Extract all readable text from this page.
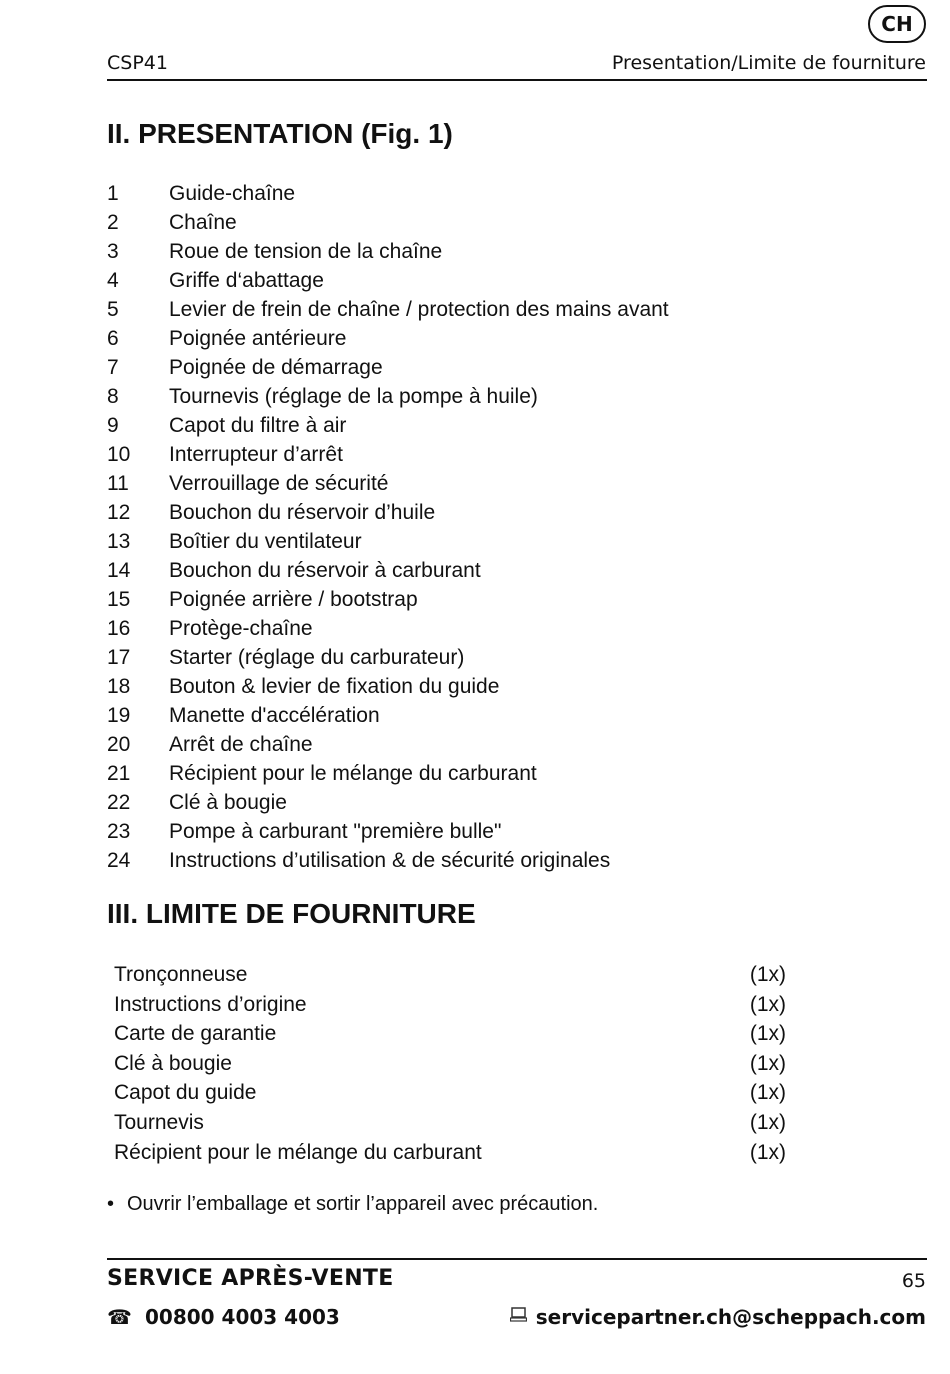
CH
CSP41	Presentation/Limite de fourniture
II. PRESENTATION (Fig. 1)
1	Guide-chaîne
2	Chaîne
3	Roue de tension de la chaîne
4	Griffe d‘abattage
5	Levier de frein de chaîne / protection des mains avant
6	Poignée antérieure
7	Poignée de démarrage
8	Tournevis (réglage de la pompe à huile)
9	Capot du filtre à air
10	Interrupteur d’arrêt
11	Verrouillage de sécurité
12	Bouchon du réservoir d’huile
13	Boîtier du ventilateur
14	Bouchon du réservoir à carburant
15	Poignée arrière / bootstrap
16	Protège-chaîne
17	Starter (réglage du carburateur)
18	Bouton & levier de fixation du guide
19	Manette d'accélération
20	Arrêt de chaîne
21	Récipient pour le mélange du carburant
22	Clé à bougie
23	Pompe à carburant "première bulle"
24	Instructions d’utilisation & de sécurité originales
III. LIMITE DE FOURNITURE
Tronçonneuse	(1x)
Instructions d’origine	(1x)
Carte de garantie	(1x)
Clé à bougie	(1x)
Capot du guide	(1x)
Tournevis	(1x)
Récipient pour le mélange du carburant	(1x)
• Ouvrir l’emballage et sortir l’appareil avec précaution.
SERVICE APRÈS-VENTE	65
☎ 00800 4003 4003	servicepartner.ch@scheppach.com
